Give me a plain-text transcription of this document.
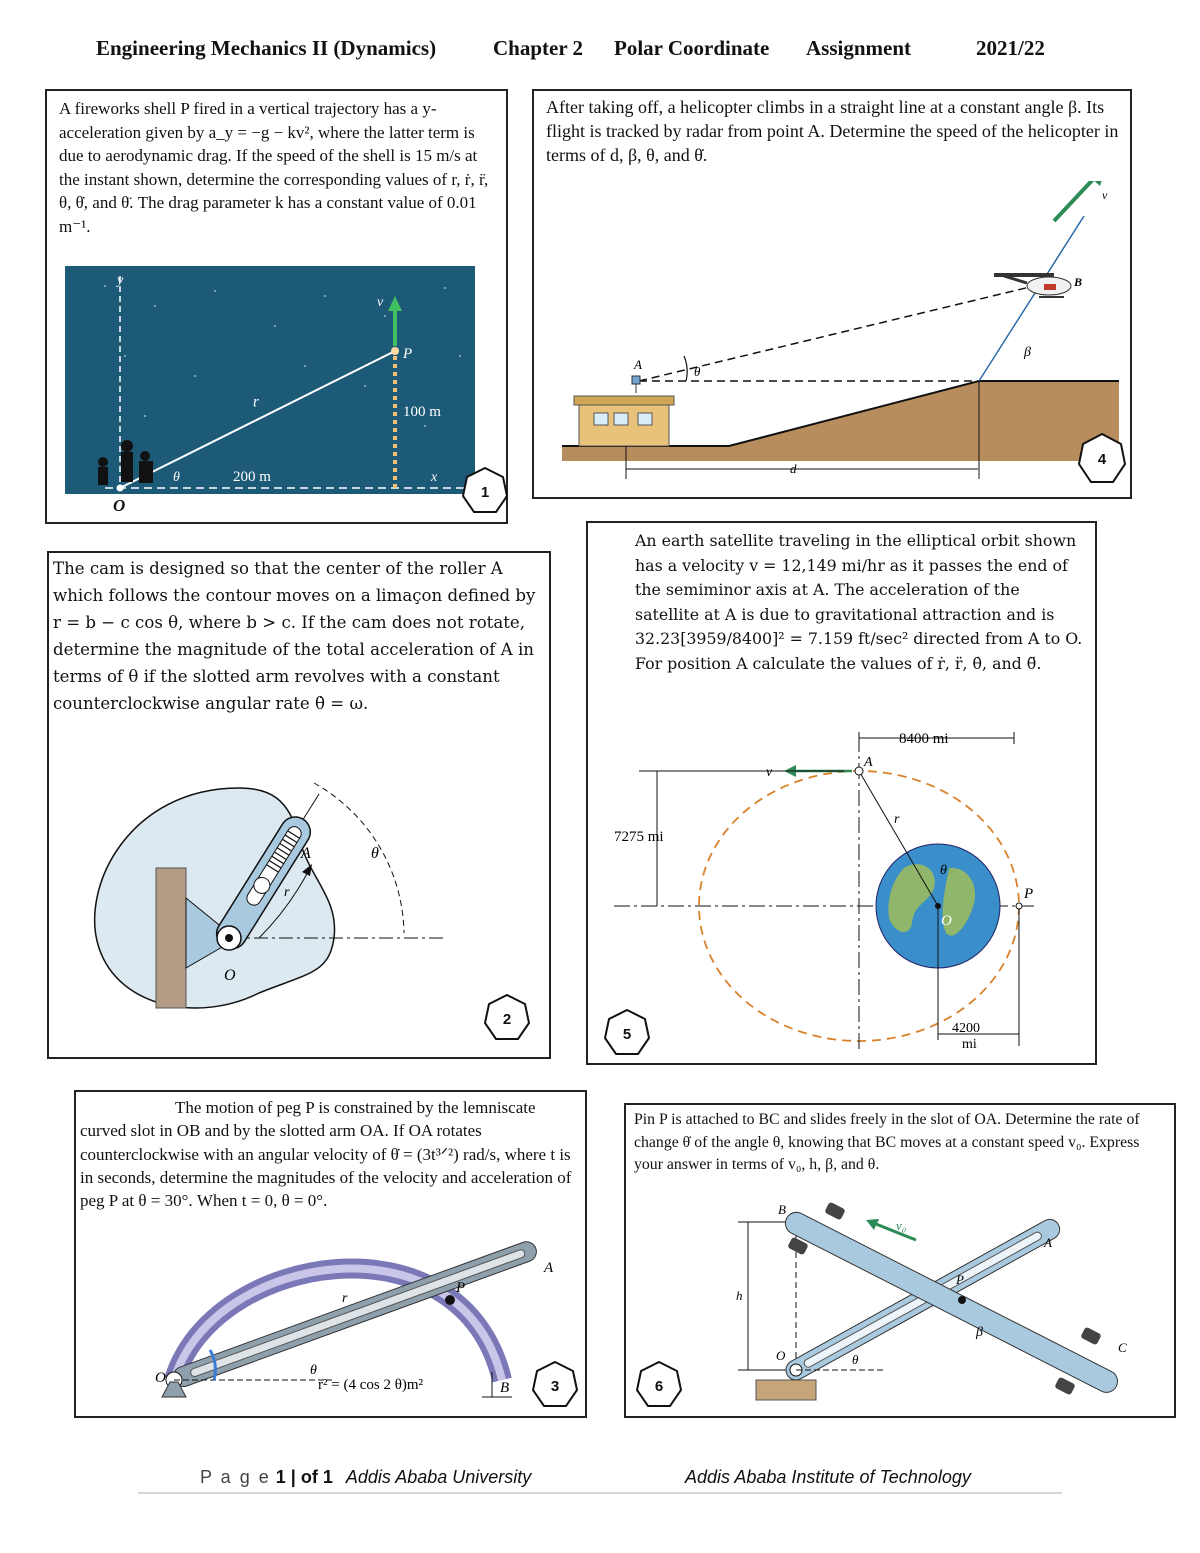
Engineering Mechanics II (Dynamics)	Chapter 2 Polar Coordinate Assignment	2021/22
A fireworks shell P fired in a vertical trajectory has a y-acceleration given by a_y = −g − kv², where the latter term is due to aerodynamic drag. If the speed of the shell is 15 m/s at the instant shown, determine the corresponding values of r, ṙ, r̈, θ, θ̇, and θ̈. The drag parameter k has a constant value of 0.01 m⁻¹.
y
v
P
r
100 m
θ	200 m	x
O
1
After taking off, a helicopter climbs in a straight line at a constant angle β. Its flight is tracked by radar from point A. Determine the speed of the helicopter in terms of d, β, θ, and θ̇.
A	θ
B
v
β
d
4
The cam is designed so that the center of the roller A which follows the contour moves on a limaçon defined by r = b − c cos θ, where b > c. If the cam does not rotate, determine the magnitude of the total acceleration of A in terms of θ if the slotted arm revolves with a constant counterclockwise angular rate θ̇ = ω.
A	θ
r
O
2
An earth satellite traveling in the elliptical orbit shown has a velocity v = 12,149 mi/hr as it passes the end of the semiminor axis at A. The acceleration of the satellite at A is due to gravitational attraction and is 32.23[3959/8400]² = 7.159 ft/sec² directed from A to O. For position A calculate the values of ṙ, r̈, θ̇, and θ̈.
8400 mi
A
v
r
7275 mi
θ
P
O
4200
mi
5
The motion of peg P is constrained by the lemniscate curved slot in OB and by the slotted arm OA. If OA rotates counterclockwise with an angular velocity of θ̇ = (3t³ᐟ²) rad/s, where t is in seconds, determine the magnitudes of the velocity and acceleration of peg P at θ = 30°. When t = 0, θ = 0°.
P
A
r
O	θ
r² = (4 cos 2 θ)m²	B	3
Pin P is attached to BC and slides freely in the slot of OA. Determine the rate of change θ̇ of the angle θ, knowing that BC moves at a constant speed v₀. Express your answer in terms of v₀, h, β, and θ.
B
v₀
A
P
h
β
O	θ
C
6
P a g e 1 | of 1 Addis Ababa University	Addis Ababa Institute of Technology
